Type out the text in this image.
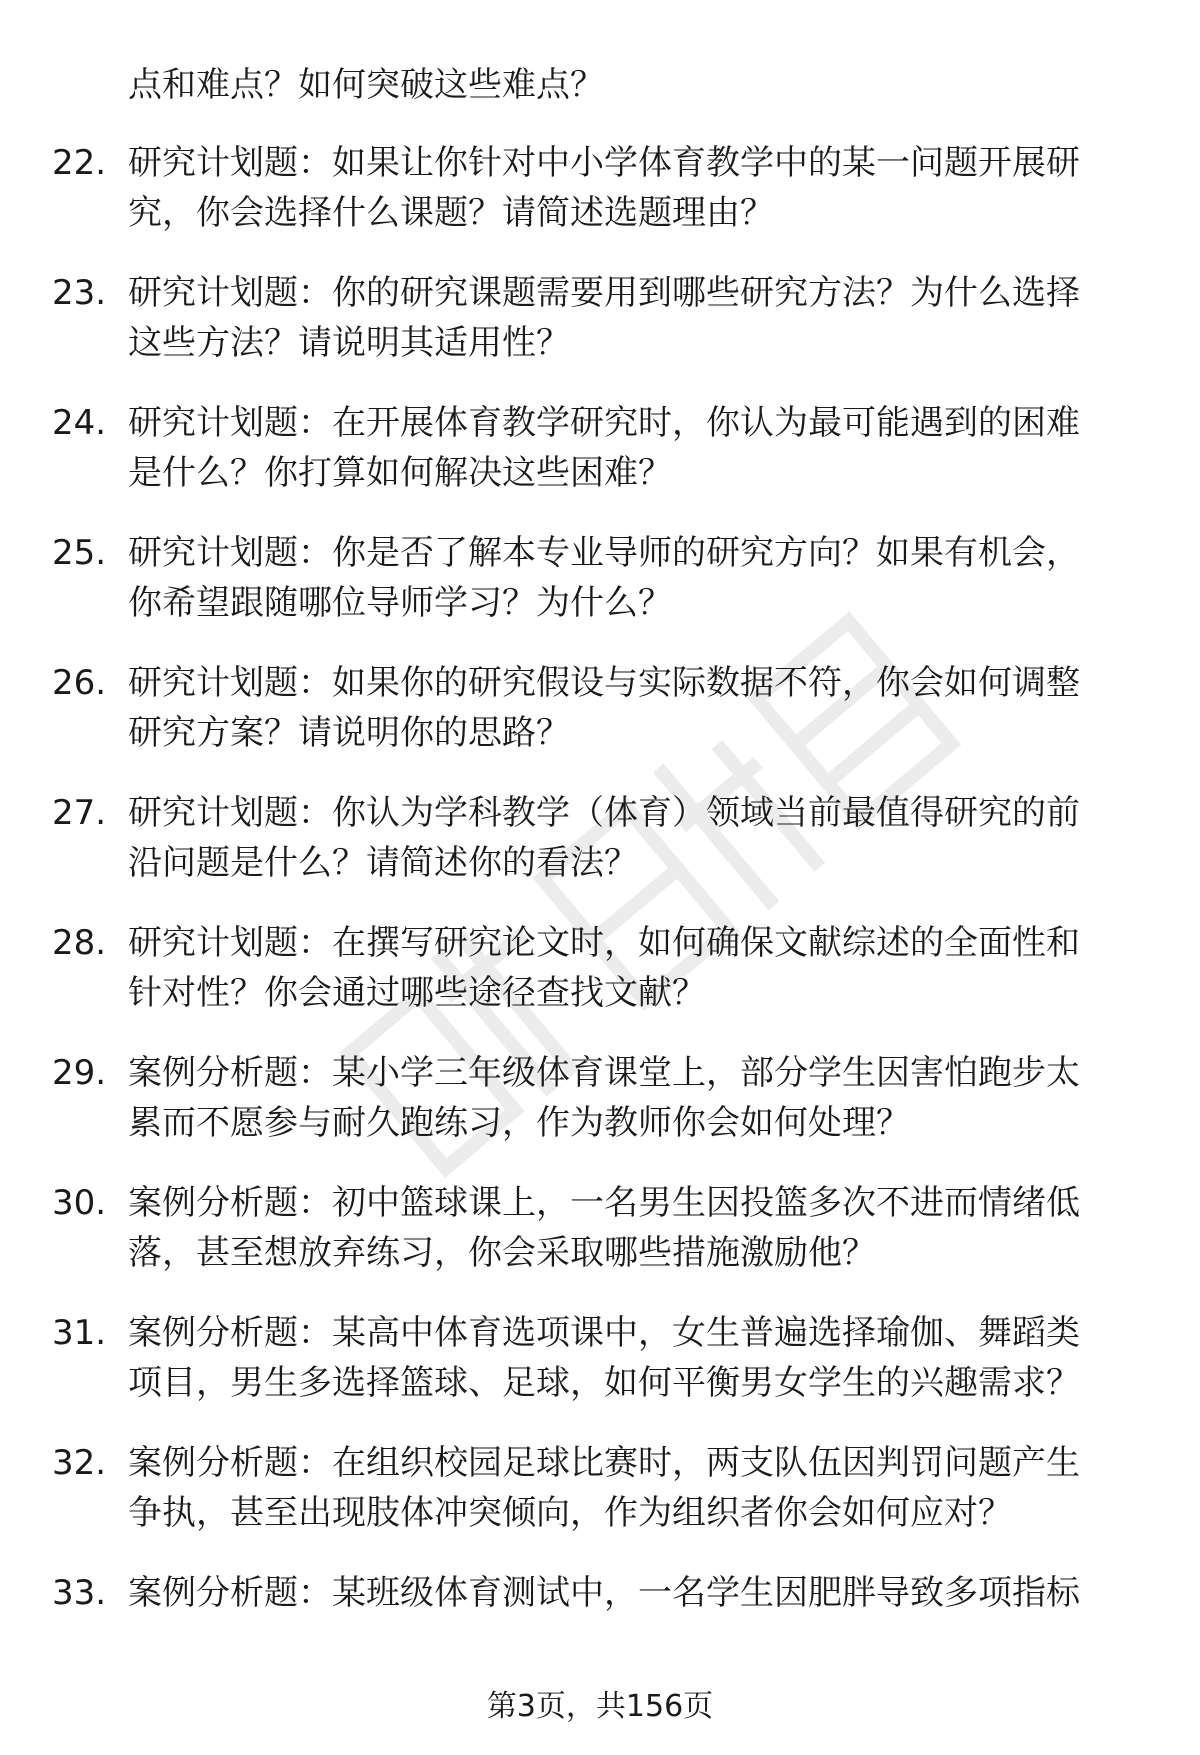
点和难点？如何突破这些难点？
22. 研究计划题：如果让你针对中小学体育教学中的某一问题开展研
究，你会选择什么课题？请简述选题理由？
23. 研究计划题：你的研究课题需要用到哪些研究方法？为什么选择
这些方法？请说明其适用性？
24. 研究计划题：在开展体育教学研究时，你认为最可能遇到的困难
是什么？你打算如何解决这些困难？
25. 研究计划题：你是否了解本专业导师的研究方向？如果有机会，
你希望跟随哪位导师学习？为什么？
26. 研究计划题：如果你的研究假设与实际数据不符，你会如何调整
研究方案？请说明你的思路？
27. 研究计划题：你认为学科教学（体育）领域当前最值得研究的前
沿问题是什么？请简述你的看法？
28. 研究计划题：在撰写研究论文时，如何确保文献综述的全面性和
针对性？你会通过哪些途径查找文献？
29. 案例分析题：某小学三年级体育课堂上，部分学生因害怕跑步太
累而不愿参与耐久跑练习，作为教师你会如何处理？
30. 案例分析题：初中篮球课上，一名男生因投篮多次不进而情绪低
落，甚至想放弃练习，你会采取哪些措施激励他？
31. 案例分析题：某高中体育选项课中，女生普遍选择瑜伽、舞蹈类
项目，男生多选择篮球、足球，如何平衡男女学生的兴趣需求？
32. 案例分析题：在组织校园足球比赛时，两支队伍因判罚问题产生
争执，甚至出现肢体冲突倾向，作为组织者你会如何应对？
33. 案例分析题：某班级体育测试中，一名学生因肥胖导致多项指标
第3页，共156页
